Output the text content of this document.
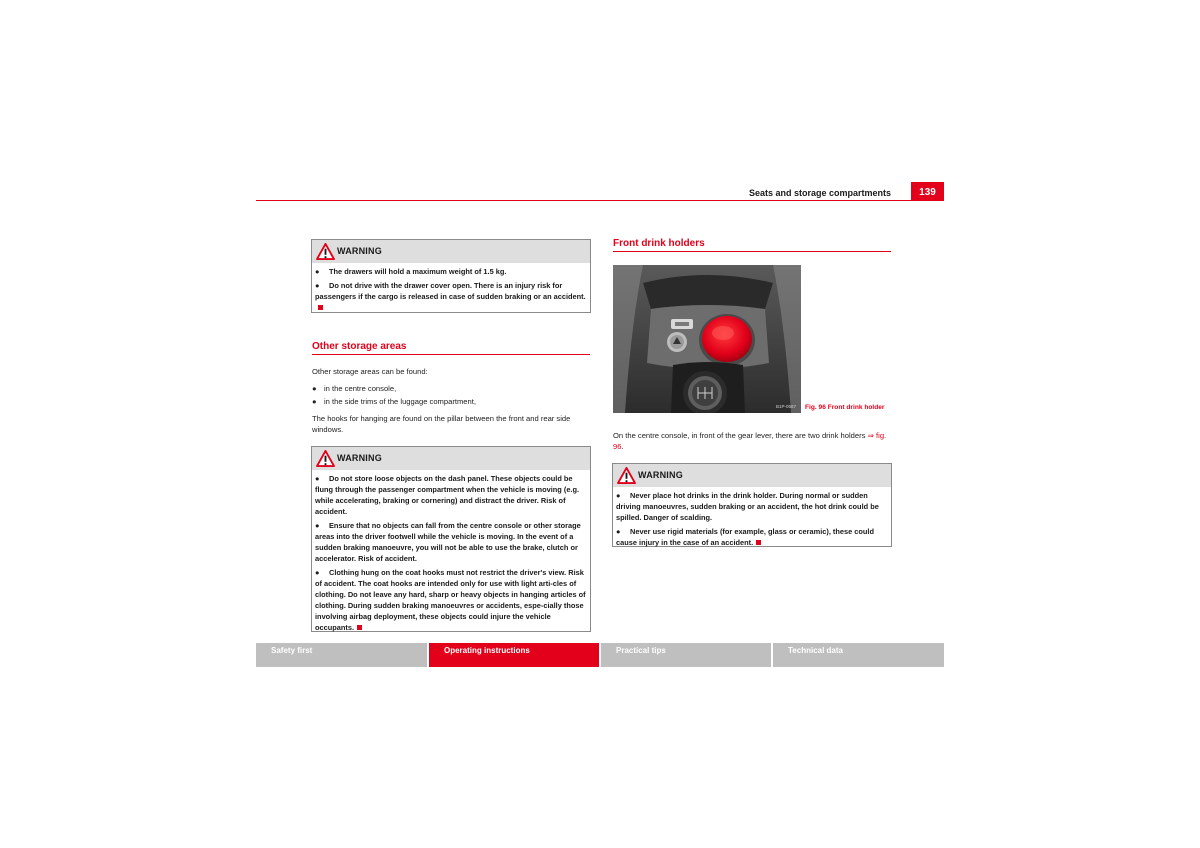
Seats and storage compartments	139
WARNING

● The drawers will hold a maximum weight of 1.5 kg.

● Do not drive with the drawer cover open. There is an injury risk for passengers if the cargo is released in case of sudden braking or an accident.

Other storage areas
Other storage areas can be found:
● in the centre console,
● in the side trims of the luggage compartment,
The hooks for hanging are found on the pillar between the front and rear side windows.
WARNING

● Do not store loose objects on the dash panel. These objects could be flung through the passenger compartment when the vehicle is moving (e.g. while accelerating, braking or cornering) and distract the driver. Risk of accident.

● Ensure that no objects can fall from the centre console or other storage areas into the driver footwell while the vehicle is moving. In the event of a sudden braking manoeuvre, you will not be able to use the brake, clutch or accelerator. Risk of accident.

● Clothing hung on the coat hooks must not restrict the driver's view. Risk of accident. The coat hooks are intended only for use with light arti-cles of clothing. Do not leave any hard, sharp or heavy objects in hanging articles of clothing. During sudden braking manoeuvres or accidents, espe-cially those involving airbag deployment, these objects could injure the vehicle occupants.

Front drink holders
B1P-0587 Fig. 96 Front drink holder
On the centre console, in front of the gear lever, there are two drink holders ⇒ fig. 96.
WARNING

● Never place hot drinks in the drink holder. During normal or sudden driving manoeuvres, sudden braking or an accident, the hot drink could be spilled. Danger of scalding.

● Never use rigid materials (for example, glass or ceramic), these could cause injury in the case of an accident.

Safety first	Operating instructions	Practical tips	Technical data
